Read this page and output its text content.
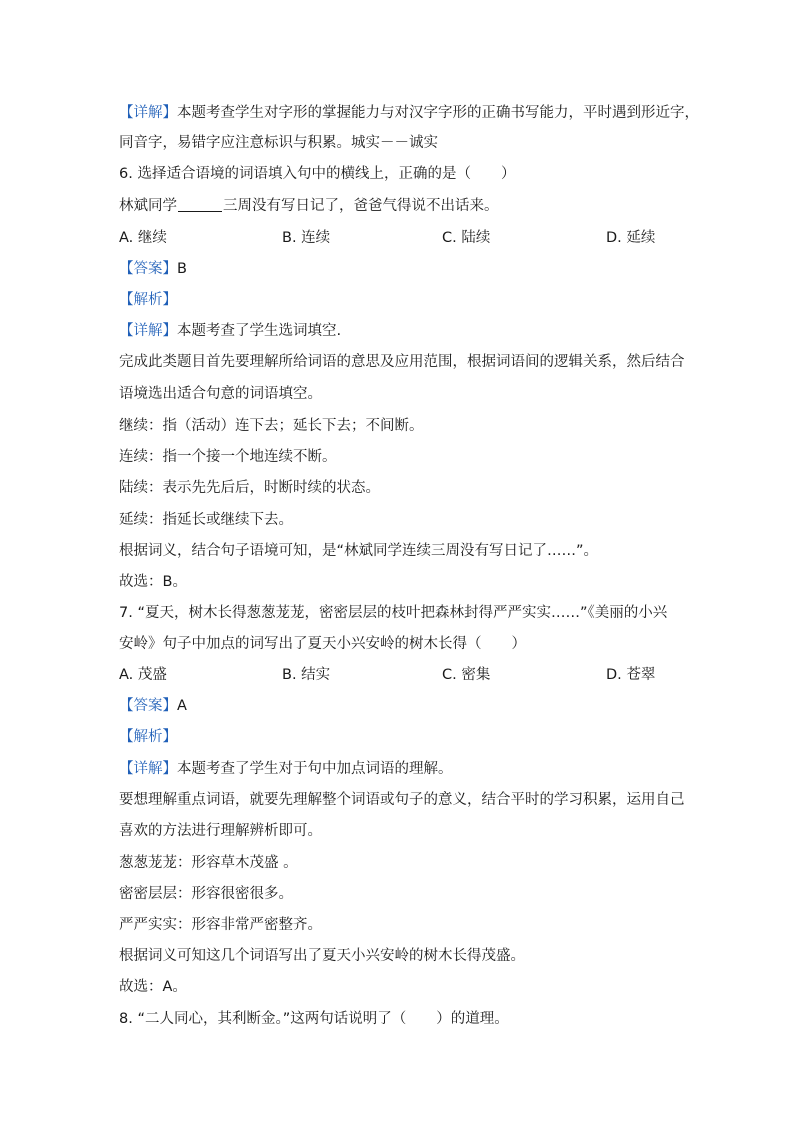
【详解】本题考查学生对字形的掌握能力与对汉字字形的正确书写能力，平时遇到形近字，
同音字，易错字应注意标识与积累。城实－－诚实
6. 选择适合语境的词语填入句中的横线上，正确的是（ ）
林斌同学	三周没有写日记了，爸爸气得说不出话来。
A. 继续	B. 连续	C. 陆续	D. 延续
【答案】B
【解析】
【详解】本题考查了学生选词填空.
完成此类题目首先要理解所给词语的意思及应用范围，根据词语间的逻辑关系，然后结合
语境选出适合句意的词语填空。
继续：指（活动）连下去；延长下去；不间断。
连续：指一个接一个地连续不断。
陆续：表示先先后后，时断时续的状态。
延续：指延长或继续下去。
根据词义，结合句子语境可知，是“林斌同学连续三周没有写日记了……”。
故选：B。
7. “夏天，树木长得葱葱茏茏，密密层层的枝叶把森林封得严严实实……”《美丽的小兴
安岭》句子中加点的词写出了夏天小兴安岭的树木长得（ ）
A. 茂盛	B. 结实	C. 密集	D. 苍翠
【答案】A
【解析】
【详解】本题考查了学生对于句中加点词语的理解。
要想理解重点词语，就要先理解整个词语或句子的意义，结合平时的学习积累，运用自己
喜欢的方法进行理解辨析即可。
葱葱茏茏：形容草木茂盛 。
密密层层：形容很密很多。
严严实实：形容非常严密整齐。
根据词义可知这几个词语写出了夏天小兴安岭的树木长得茂盛。
故选：A。
8. “二人同心，其利断金。”这两句话说明了（ ）的道理。
